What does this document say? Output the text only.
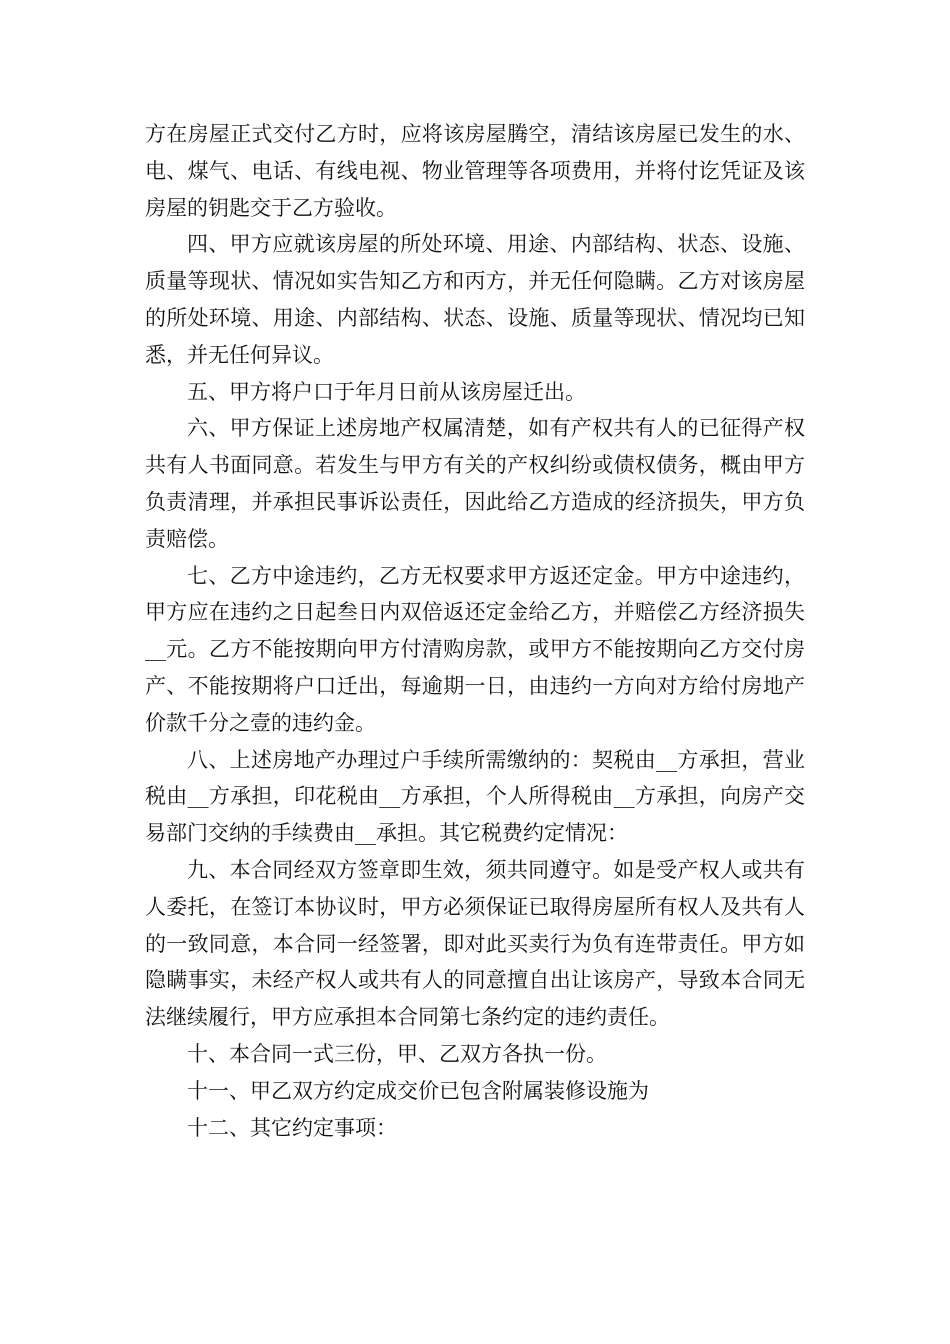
方在房屋正式交付乙方时，应将该房屋腾空，清结该房屋已发生的水、电、煤气、电话、有线电视、物业管理等各项费用，并将付讫凭证及该房屋的钥匙交于乙方验收。

四、甲方应就该房屋的所处环境、用途、内部结构、状态、设施、质量等现状、情况如实告知乙方和丙方，并无任何隐瞒。乙方对该房屋的所处环境、用途、内部结构、状态、设施、质量等现状、情况均已知悉，并无任何异议。

五、甲方将户口于年月日前从该房屋迁出。

六、甲方保证上述房地产权属清楚，如有产权共有人的已征得产权共有人书面同意。若发生与甲方有关的产权纠纷或债权债务，概由甲方负责清理，并承担民事诉讼责任，因此给乙方造成的经济损失，甲方负责赔偿。

七、乙方中途违约，乙方无权要求甲方返还定金。甲方中途违约，甲方应在违约之日起叁日内双倍返还定金给乙方，并赔偿乙方经济损失__元。乙方不能按期向甲方付清购房款，或甲方不能按期向乙方交付房产、不能按期将户口迁出，每逾期一日，由违约一方向对方给付房地产价款千分之壹的违约金。

八、上述房地产办理过户手续所需缴纳的：契税由__方承担，营业税由__方承担，印花税由__方承担，个人所得税由__方承担，向房产交易部门交纳的手续费由__承担。其它税费约定情况：

九、本合同经双方签章即生效，须共同遵守。如是受产权人或共有人委托，在签订本协议时，甲方必须保证已取得房屋所有权人及共有人的一致同意，本合同一经签署，即对此买卖行为负有连带责任。甲方如隐瞒事实，未经产权人或共有人的同意擅自出让该房产，导致本合同无法继续履行，甲方应承担本合同第七条约定的违约责任。

十、本合同一式三份，甲、乙双方各执一份。

十一、甲乙双方约定成交价已包含附属装修设施为

十二、其它约定事项：
